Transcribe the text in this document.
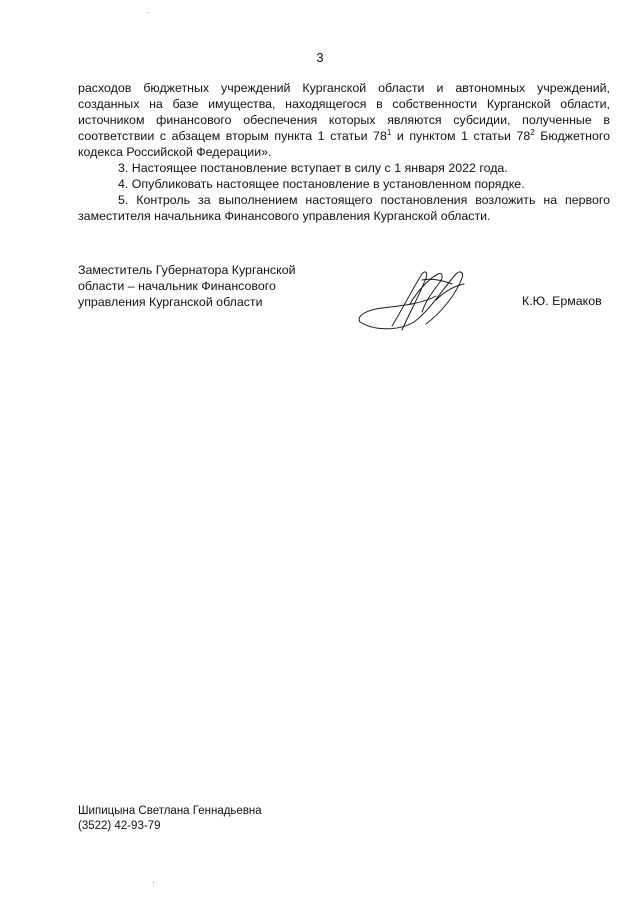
3

расходов бюджетных учреждений Курганской области и автономных учреждений,

созданных на базе имущества, находящегося в собственности Курганской области,

источником финансового обеспечения которых являются субсидии, полученные в

соответствии с абзацем вторым пункта 1 статьи $78^1$ и пунктом 1 статьи $78^2$ Бюджетного

кодекса Российской Федерации».

3. Настоящее постановление вступает в силу с 1 января 2022 года.

4. Опубликовать настоящее постановление в установленном порядке.

5. Контроль за выполнением настоящего постановления возложить на первого

заместителя начальника Финансового управления Курганской области.

Заместитель Губернатора Курганской
области – начальник Финансового
управления Курганской области	К.Ю. Ермаков
Шипицына Светлана Геннадьевна
(3522) 42-93-79
